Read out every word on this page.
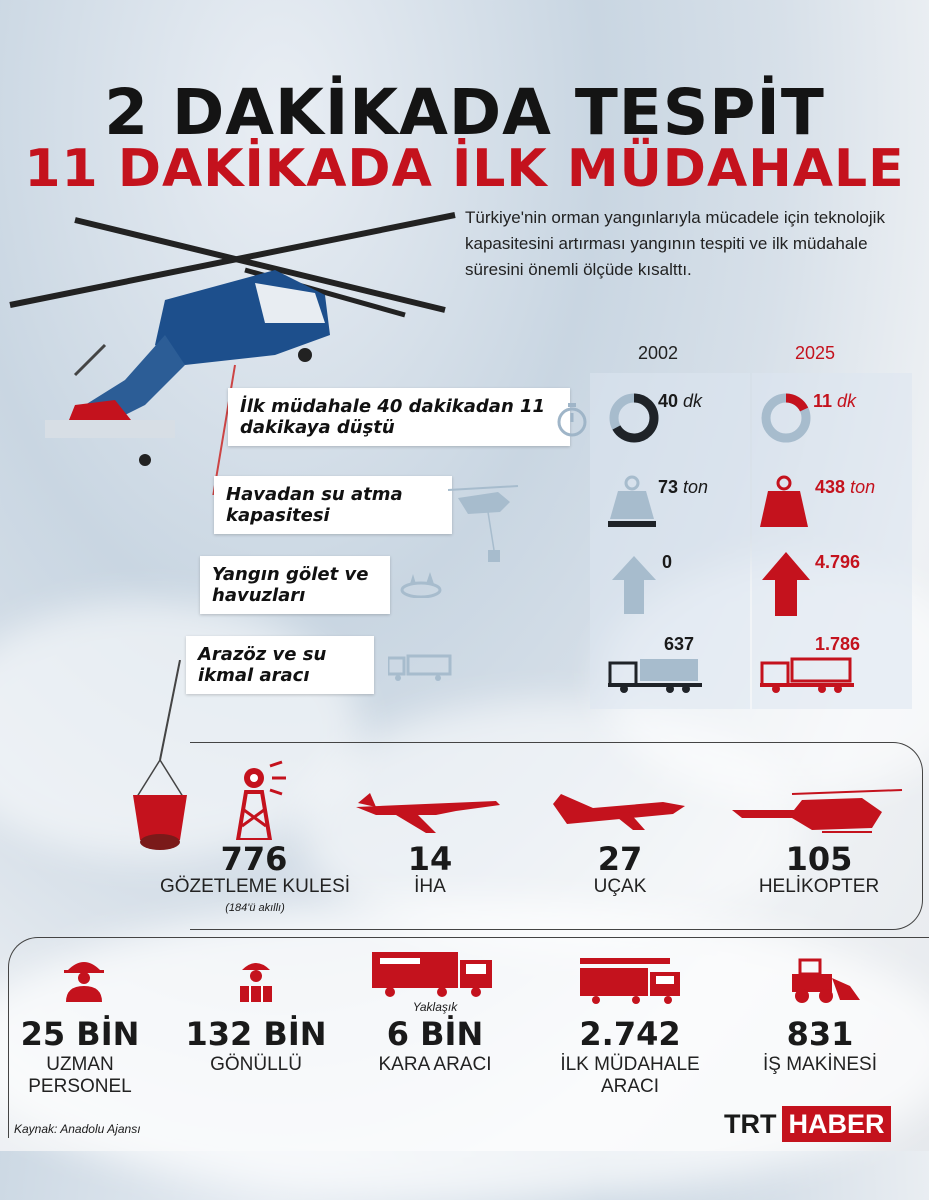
2 DAKİKADA TESPİT
11 DAKİKADA İLK MÜDAHALE
Türkiye'nin orman yangınlarıyla mücadele için teknolojik kapasitesini artırması yangının tespiti ve ilk müdahale süresini önemli ölçüde kısalttı.
2002	2025
İlk müdahale 40 dakikadan 11 dakikaya düştü
40 dk	11 dk
Havadan su atma kapasitesi
73 ton	438 ton
Yangın gölet ve havuzları
0	4.796
Arazöz ve su ikmal aracı
637	1.786
776
GÖZETLEME KULESİ
(184'ü akıllı)
14
İHA
27
UÇAK
105
HELİKOPTER
25 BİN
UZMAN
PERSONEL
132 BİN
GÖNÜLLÜ
Yaklaşık
6 BİN
KARA ARACI
2.742
İLK MÜDAHALE
ARACI
831
İŞ MAKİNESİ
Kaynak: Anadolu Ajansı	TRT HABER
